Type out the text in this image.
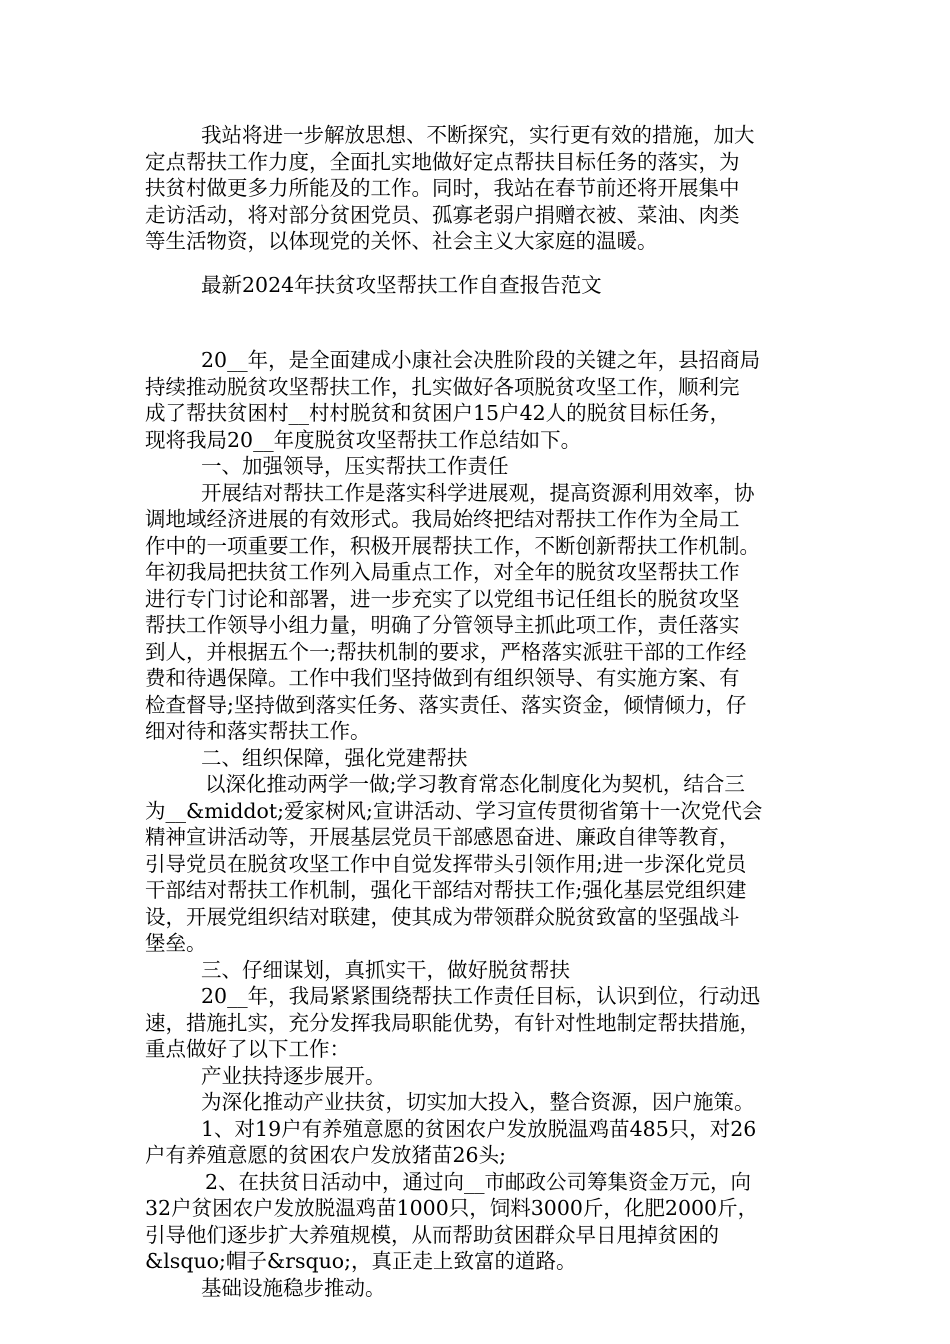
我站将进一步解放思想、不断探究，实行更有效的措施，加大
定点帮扶工作力度，全面扎实地做好定点帮扶目标任务的落实，为
扶贫村做更多力所能及的工作。同时，我站在春节前还将开展集中
走访活动，将对部分贫困党员、孤寡老弱户捐赠衣被、菜油、肉类
等生活物资，以体现党的关怀、社会主义大家庭的温暖。
最新2024年扶贫攻坚帮扶工作自查报告范文
20__年，是全面建成小康社会决胜阶段的关键之年，县招商局
持续推动脱贫攻坚帮扶工作，扎实做好各项脱贫攻坚工作，顺利完
成了帮扶贫困村__村村脱贫和贫困户15户42人的脱贫目标任务，
现将我局20__年度脱贫攻坚帮扶工作总结如下。
一、加强领导，压实帮扶工作责任
开展结对帮扶工作是落实科学进展观，提高资源利用效率，协
调地域经济进展的有效形式。我局始终把结对帮扶工作作为全局工
作中的一项重要工作，积极开展帮扶工作，不断创新帮扶工作机制。
年初我局把扶贫工作列入局重点工作，对全年的脱贫攻坚帮扶工作
进行专门讨论和部署，进一步充实了以党组书记任组长的脱贫攻坚
帮扶工作领导小组力量，明确了分管领导主抓此项工作，责任落实
到人，并根据五个一;帮扶机制的要求，严格落实派驻干部的工作经
费和待遇保障。工作中我们坚持做到有组织领导、有实施方案、有
检查督导;坚持做到落实任务、落实责任、落实资金，倾情倾力，仔
细对待和落实帮扶工作。
二、组织保障，强化党建帮扶
以深化推动两学一做;学习教育常态化制度化为契机，结合三
为__&middot;爱家树风;宣讲活动、学习宣传贯彻省第十一次党代会
精神宣讲活动等，开展基层党员干部感恩奋进、廉政自律等教育，
引导党员在脱贫攻坚工作中自觉发挥带头引领作用;进一步深化党员
干部结对帮扶工作机制，强化干部结对帮扶工作;强化基层党组织建
设，开展党组织结对联建，使其成为带领群众脱贫致富的坚强战斗
堡垒。
三、仔细谋划，真抓实干，做好脱贫帮扶
20__年，我局紧紧围绕帮扶工作责任目标，认识到位，行动迅
速，措施扎实，充分发挥我局职能优势，有针对性地制定帮扶措施，
重点做好了以下工作：
产业扶持逐步展开。
为深化推动产业扶贫，切实加大投入，整合资源，因户施策。
1、对19户有养殖意愿的贫困农户发放脱温鸡苗485只，对26
户有养殖意愿的贫困农户发放猪苗26头;
2、在扶贫日活动中，通过向__市邮政公司筹集资金万元，向
32户贫困农户发放脱温鸡苗1000只，饲料3000斤，化肥2000斤，
引导他们逐步扩大养殖规模，从而帮助贫困群众早日甩掉贫困的
&lsquo;帽子&rsquo;，真正走上致富的道路。
基础设施稳步推动。
